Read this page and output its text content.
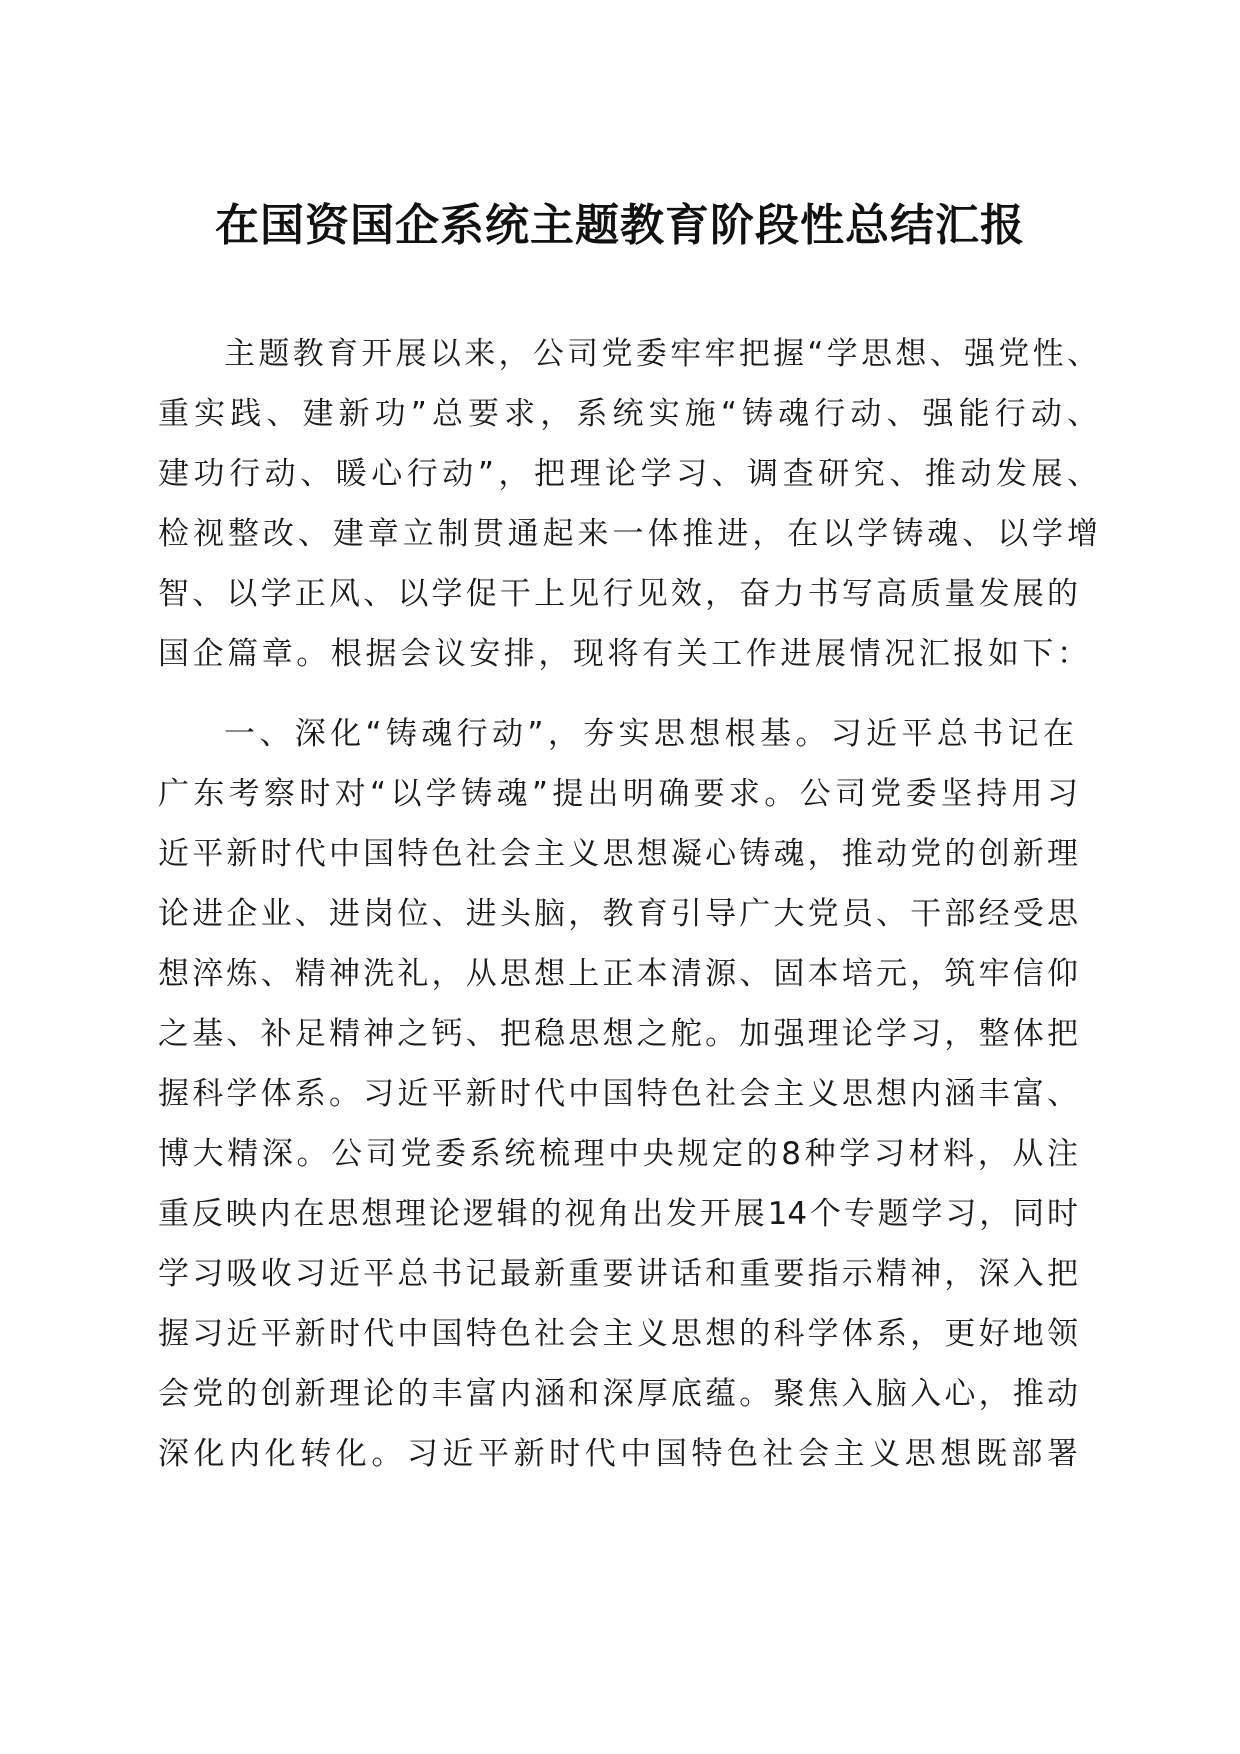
在国资国企系统主题教育阶段性总结汇报
主题教育开展以来，公司党委牢牢把握“学思想、强党性、
重实践、建新功”总要求，系统实施“铸魂行动、强能行动、
建功行动、暖心行动”，把理论学习、调查研究、推动发展、
检视整改、建章立制贯通起来一体推进，在以学铸魂、以学增
智、以学正风、以学促干上见行见效，奋力书写高质量发展的
国企篇章。根据会议安排，现将有关工作进展情况汇报如下：
一、深化“铸魂行动”，夯实思想根基。习近平总书记在
广东考察时对“以学铸魂”提出明确要求。公司党委坚持用习
近平新时代中国特色社会主义思想凝心铸魂，推动党的创新理
论进企业、进岗位、进头脑，教育引导广大党员、干部经受思
想淬炼、精神洗礼，从思想上正本清源、固本培元，筑牢信仰
之基、补足精神之钙、把稳思想之舵。加强理论学习，整体把
握科学体系。习近平新时代中国特色社会主义思想内涵丰富、
博大精深。公司党委系统梳理中央规定的8种学习材料，从注
重反映内在思想理论逻辑的视角出发开展14个专题学习，同时
学习吸收习近平总书记最新重要讲话和重要指示精神，深入把
握习近平新时代中国特色社会主义思想的科学体系，更好地领
会党的创新理论的丰富内涵和深厚底蕴。聚焦入脑入心，推动
深化内化转化。习近平新时代中国特色社会主义思想既部署
